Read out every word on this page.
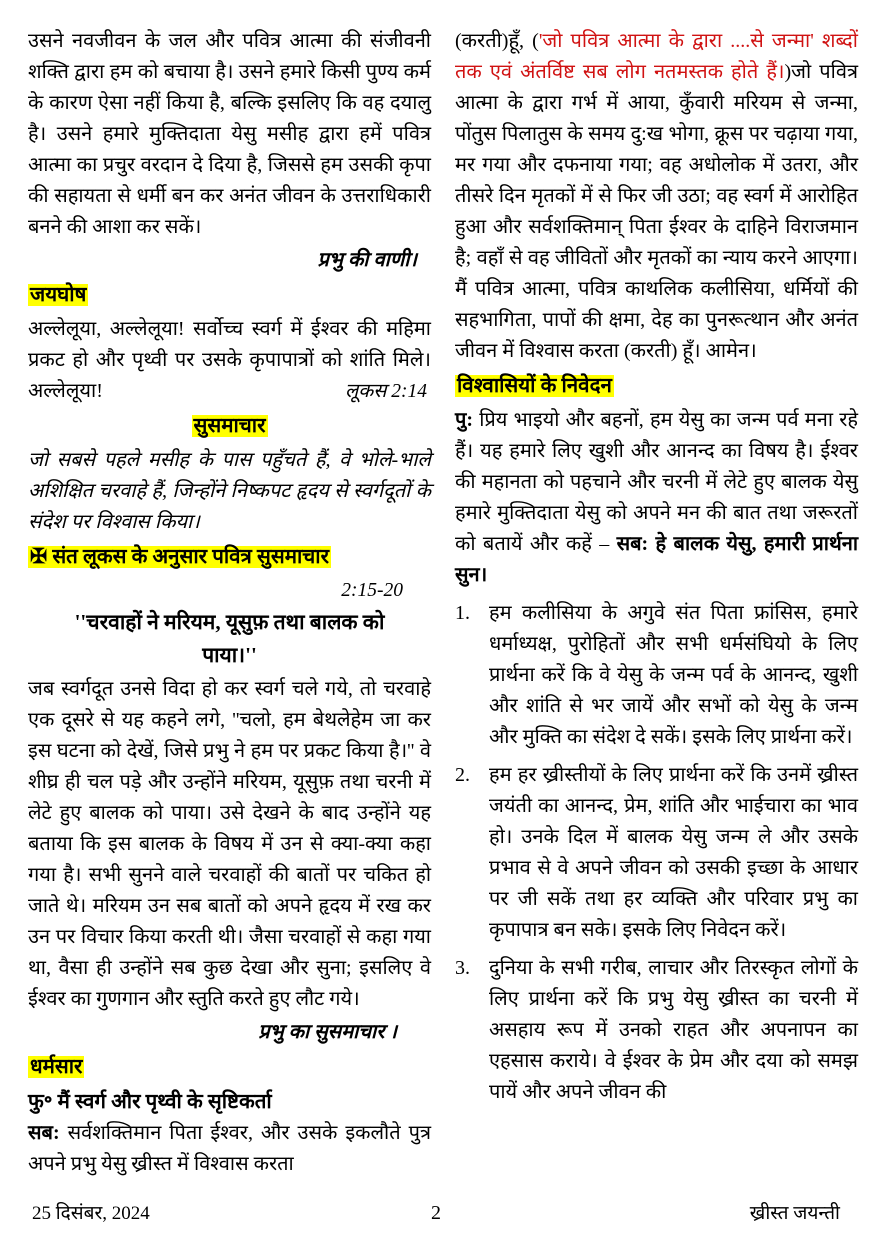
उसने नवजीवन के जल और पवित्र आत्मा की संजीवनी शक्ति द्वारा हम को बचाया है। उसने हमारे किसी पुण्य कर्म के कारण ऐसा नहीं किया है, बल्कि इसलिए कि वह दयालु है। उसने हमारे मुक्तिदाता येसु मसीह द्वारा हमें पवित्र आत्मा का प्रचुर वरदान दे दिया है, जिससे हम उसकी कृपा की सहायता से धर्मी बन कर अनंत जीवन के उत्तराधिकारी बनने की आशा कर सकें।

प्रभु की वाणी।
जयघोष

अल्लेलूया, अल्लेलूया! सर्वोच्च स्वर्ग में ईश्वर की महिमा प्रकट हो और पृथ्वी पर उसके कृपापात्रों को शांति मिले। अल्लेलूया!	लूकस 2:14
सुसमाचार

जो सबसे पहले मसीह के पास पहुँचते हैं, वे भोले-भाले अशिक्षित चरवाहे हैं, जिन्होंने निष्कपट हृदय से स्वर्गदूतों के संदेश पर विश्वास किया।

✠ संत लूकस के अनुसार पवित्र सुसमाचार
2:15-20
''चरवाहों ने मरियम, यूसुफ़ तथा बालक को पाया।''

जब स्वर्गदूत उनसे विदा हो कर स्वर्ग चले गये, तो चरवाहे एक दूसरे से यह कहने लगे, ''चलो, हम बेथलेहेम जा कर इस घटना को देखें, जिसे प्रभु ने हम पर प्रकट किया है।'' वे शीघ्र ही चल पड़े और उन्होंने मरियम, यूसुफ़ तथा चरनी में लेटे हुए बालक को पाया। उसे देखने के बाद उन्होंने यह बताया कि इस बालक के विषय में उन से क्या-क्या कहा गया है। सभी सुनने वाले चरवाहों की बातों पर चकित हो जाते थे। मरियम उन सब बातों को अपने हृदय में रख कर उन पर विचार किया करती थी। जैसा चरवाहों से कहा गया था, वैसा ही उन्होंने सब कुछ देखा और सुना; इसलिए वे ईश्वर का गुणगान और स्तुति करते हुए लौट गये।

प्रभु का सुसमाचार ।
धर्मसार
फु॰ मैं स्वर्ग और पृथ्वी के सृष्टिकर्ता

सब: सर्वशक्तिमान पिता ईश्वर, और उसके इकलौते पुत्र अपने प्रभु येसु ख्रीस्त में विश्वास करता

(करती)हूँ, ('जो पवित्र आत्मा के द्वारा ....से जन्मा' शब्दों तक एवं अंतर्विष्ट सब लोग नतमस्तक होते हैं।)जो पवित्र आत्मा के द्वारा गर्भ में आया, कुँवारी मरियम से जन्मा, पोंतुस पिलातुस के समय दु:ख भोगा, क्रूस पर चढ़ाया गया, मर गया और दफनाया गया; वह अधोलोक में उतरा, और तीसरे दिन मृतकों में से फिर जी उठा; वह स्वर्ग में आरोहित हुआ और सर्वशक्तिमान् पिता ईश्वर के दाहिने विराजमान है; वहाँ से वह जीवितों और मृतकों का न्याय करने आएगा। मैं पवित्र आत्मा, पवित्र काथलिक कलीसिया, धर्मियों की सहभागिता, पापों की क्षमा, देह का पुनरूत्थान और अनंत जीवन में विश्वास करता (करती) हूँ। आमेन।

विश्वासियों के निवेदन

पु: प्रिय भाइयो और बहनों, हम येसु का जन्म पर्व मना रहे हैं। यह हमारे लिए खुशी और आनन्द का विषय है। ईश्वर की महानता को पहचाने और चरनी में लेटे हुए बालक येसु हमारे मुक्तिदाता येसु को अपने मन की बात तथा जरूरतों को बतायें और कहें – सब: हे बालक येसु, हमारी प्रार्थना सुन।

1. हम कलीसिया के अगुवे संत पिता फ्रांसिस, हमारे धर्माध्यक्ष, पुरोहितों और सभी धर्मसंघियो के लिए प्रार्थना करें कि वे येसु के जन्म पर्व के आनन्द, खुशी और शांति से भर जायें और सभों को येसु के जन्म और मुक्ति का संदेश दे सकें। इसके लिए प्रार्थना करें।
2. हम हर ख्रीस्तीयों के लिए प्रार्थना करें कि उनमें ख्रीस्त जयंती का आनन्द, प्रेम, शांति और भाईचारा का भाव हो। उनके दिल में बालक येसु जन्म ले और उसके प्रभाव से वे अपने जीवन को उसकी इच्छा के आधार पर जी सकें तथा हर व्यक्ति और परिवार प्रभु का कृपापात्र बन सके। इसके लिए निवेदन करें।
3. दुनिया के सभी गरीब, लाचार और तिरस्कृत लोगों के लिए प्रार्थना करें कि प्रभु येसु ख्रीस्त का चरनी में असहाय रूप में उनको राहत और अपनापन का एहसास कराये। वे ईश्वर के प्रेम और दया को समझ पायें और अपने जीवन की
25 दिसंबर, 2024	2	ख्रीस्त जयन्ती
